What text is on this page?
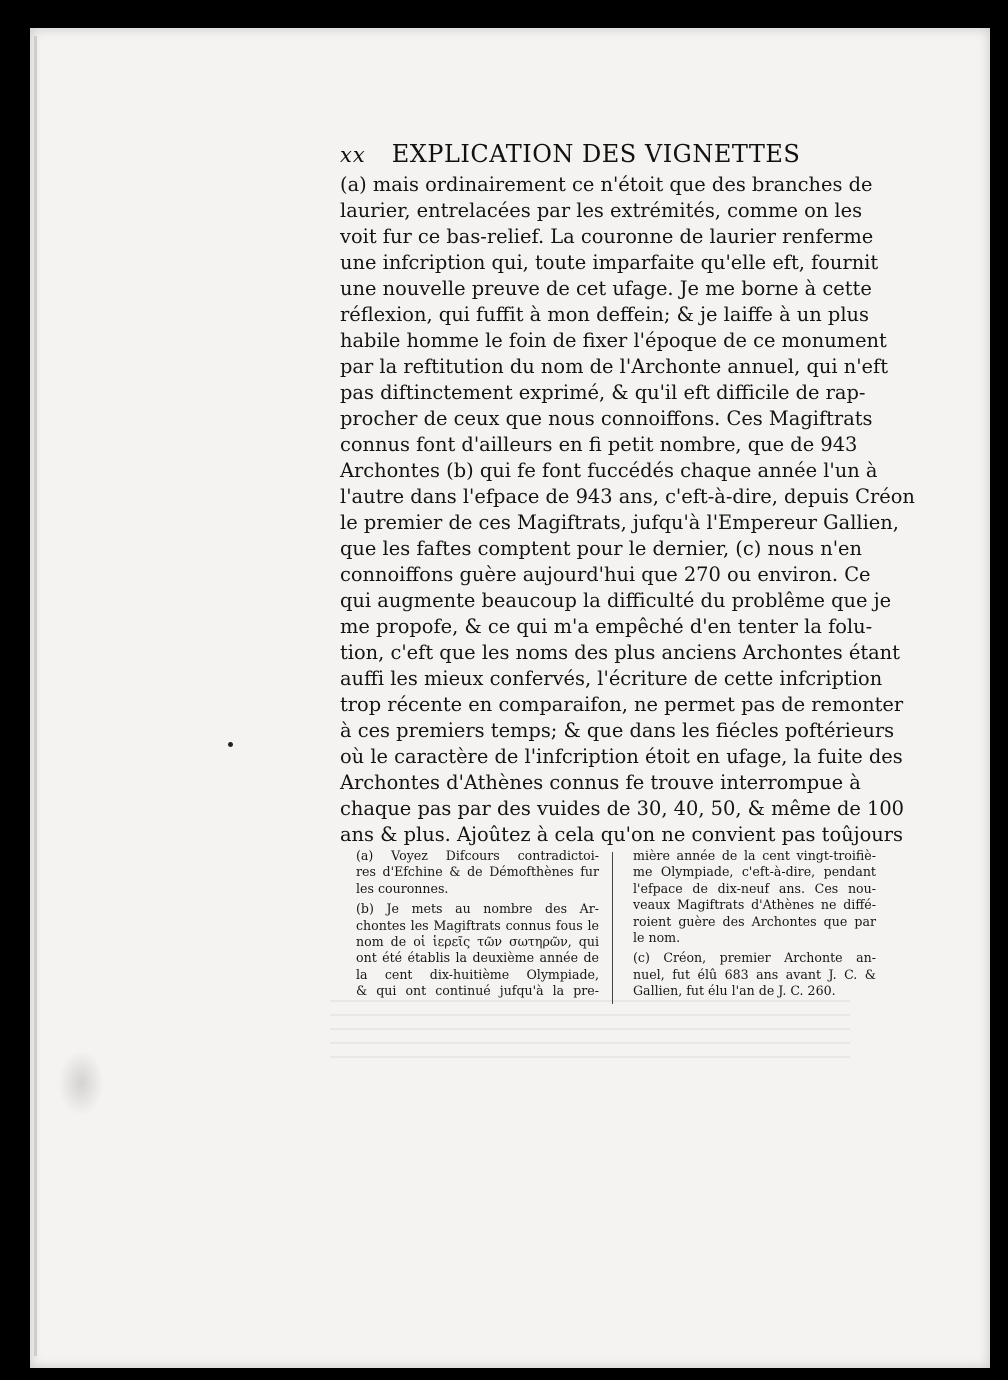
xx EXPLICATION DES VIGNETTES
(a) mais ordinairement ce n'étoit que des branches de
laurier, entrelacées par les extrémités, comme on les
voit fur ce bas-relief. La couronne de laurier renferme
une infcription qui, toute imparfaite qu'elle eft, fournit
une nouvelle preuve de cet ufage. Je me borne à cette
réflexion, qui fuffit à mon deffein; & je laiffe à un plus
habile homme le foin de fixer l'époque de ce monument
par la reftitution du nom de l'Archonte annuel, qui n'eft
pas diftinctement exprimé, & qu'il eft difficile de rap-
procher de ceux que nous connoiffons. Ces Magiftrats
connus font d'ailleurs en fi petit nombre, que de 943
Archontes (b) qui fe font fuccédés chaque année l'un à
l'autre dans l'efpace de 943 ans, c'eft-à-dire, depuis Créon
le premier de ces Magiftrats, jufqu'à l'Empereur Gallien,
que les faftes comptent pour le dernier, (c) nous n'en
connoiffons guère aujourd'hui que 270 ou environ. Ce
qui augmente beaucoup la difficulté du problême que je
me propofe, & ce qui m'a empêché d'en tenter la folu-
tion, c'eft que les noms des plus anciens Archontes étant
auffi les mieux confervés, l'écriture de cette infcription
trop récente en comparaifon, ne permet pas de remonter
à ces premiers temps; & que dans les fiécles poftérieurs
où le caractère de l'infcription étoit en ufage, la fuite des
Archontes d'Athènes connus fe trouve interrompue à
chaque pas par des vuides de 30, 40, 50, & même de 100
ans & plus. Ajoûtez à cela qu'on ne convient pas toûjours
(a) Voyez Difcours contradictoi-
res d'Efchine & de Démofthènes fur
les couronnes.
(b) Je mets au nombre des Ar-
chontes les Magiftrats connus fous le
nom de οἱ ἱερεῖς τῶν σωτηρῶν, qui
ont été établis la deuxième année de
la cent dix-huitième Olympiade,
& qui ont continué jufqu'à la pre-
mière année de la cent vingt-troifiè-
me Olympiade, c'eft-à-dire, pendant
l'efpace de dix-neuf ans. Ces nou-
veaux Magiftrats d'Athènes ne diffé-
roient guère des Archontes que par
le nom.
(c) Créon, premier Archonte an-
nuel, fut élû 683 ans avant J. C. &
Gallien, fut élu l'an de J. C. 260.
